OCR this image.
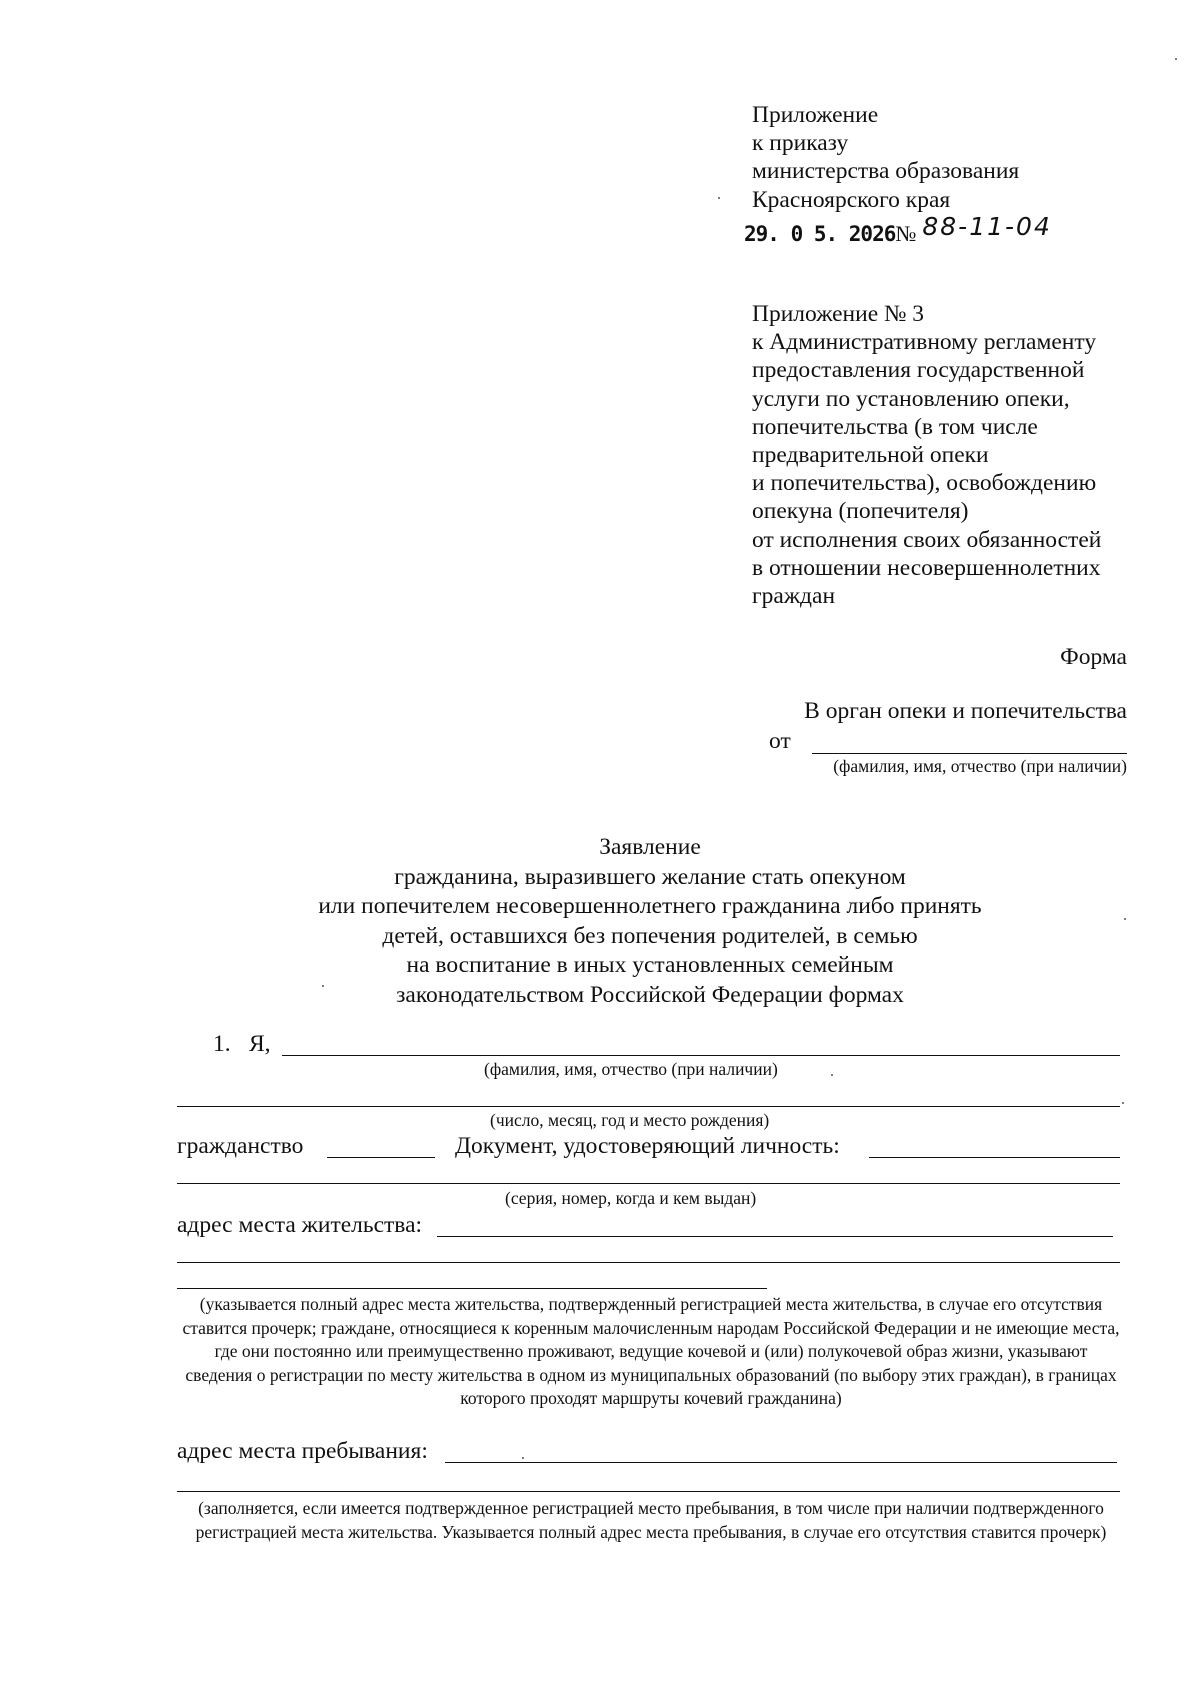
Приложение
к приказу
министерства образования
Красноярского края
29. 0 5. 2026№ 88-11-04
Приложение № 3
к Административному регламенту
предоставления государственной
услуги по установлению опеки,
попечительства (в том числе
предварительной опеки
и попечительства), освобождению
опекуна (попечителя)
от исполнения своих обязанностей
в отношении несовершеннолетних
граждан
Форма
В орган опеки и попечительства
от
(фамилия, имя, отчество (при наличии)
Заявление
гражданина, выразившего желание стать опекуном
или попечителем несовершеннолетнего гражданина либо принять
детей, оставшихся без попечения родителей, в семью
на воспитание в иных установленных семейным
законодательством Российской Федерации формах
1. Я,
(фамилия, имя, отчество (при наличии)
(число, месяц, год и место рождения)
гражданство	Документ, удостоверяющий личность:
(серия, номер, когда и кем выдан)
адрес места жительства:
(указывается полный адрес места жительства, подтвержденный регистрацией места жительства, в случае его отсутствия ставится прочерк; граждане, относящиеся к коренным малочисленным народам Российской Федерации и не имеющие места, где они постоянно или преимущественно проживают, ведущие кочевой и (или) полукочевой образ жизни, указывают сведения о регистрации по месту жительства в одном из муниципальных образований (по выбору этих граждан), в границах которого проходят маршруты кочевий гражданина)
адрес места пребывания:
(заполняется, если имеется подтвержденное регистрацией место пребывания, в том числе при наличии подтвержденного регистрацией места жительства. Указывается полный адрес места пребывания, в случае его отсутствия ставится прочерк)
